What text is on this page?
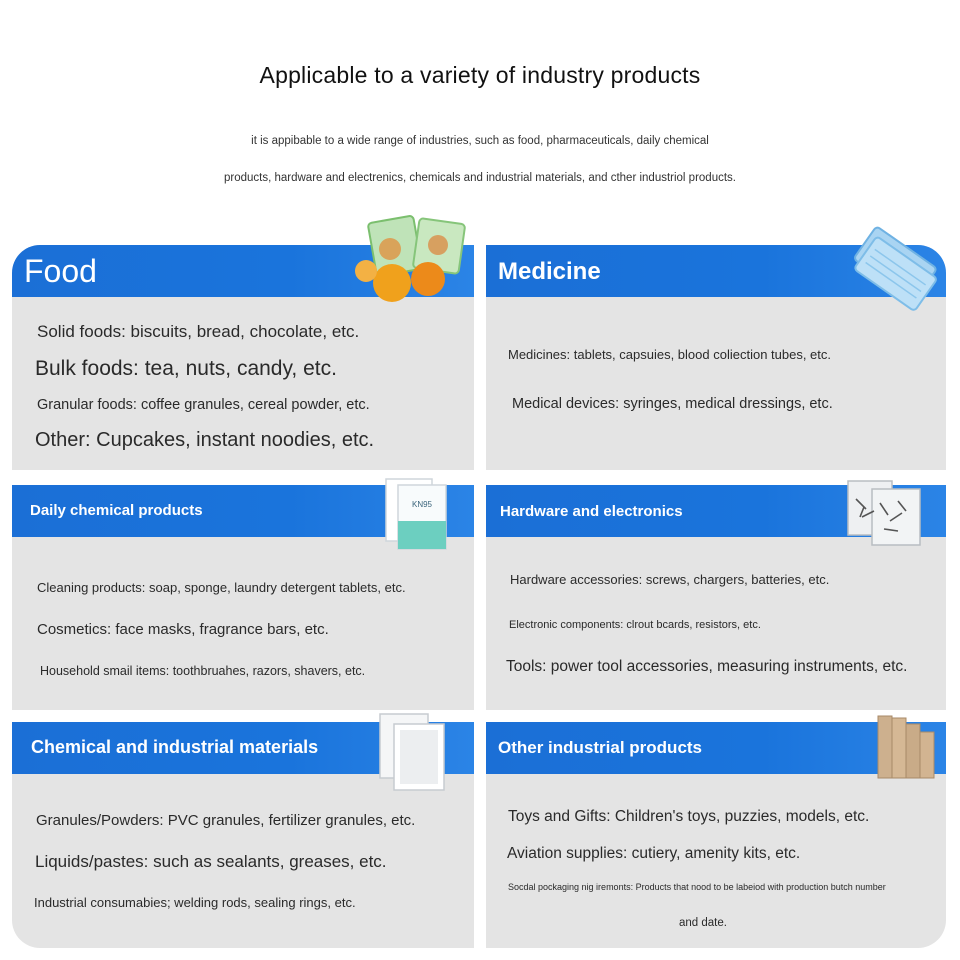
Applicable to a variety of industry products
it is appibable to a wide range of industries, such as food, pharmaceuticals, daily chemical
products, hardware and electrenics, chemicals and industrial materials, and cther industriol products.
Food
Solid foods: biscuits, bread, chocolate, etc.
Bulk foods: tea, nuts, candy, etc.
Granular foods: coffee granules, cereal powder, etc.
Other: Cupcakes, instant noodies, etc.
Medicine
Medicines: tablets, capsuies, blood coliection tubes, etc.
Medical devices: syringes, medical dressings, etc.
Daily chemical products	KN95
Cleaning products: soap, sponge, laundry detergent tablets, etc.
Cosmetics: face masks, fragrance bars, etc.
Household smail items: toothbruahes, razors, shavers, etc.
Hardware and electronics
Hardware accessories: screws, chargers, batteries, etc.
Electronic components: clrout bcards, resistors, etc.
Tools: power tool accessories, measuring instruments, etc.
Chemical and industrial materials
Granules/Powders: PVC granules, fertilizer granules, etc.
Liquids/pastes: such as sealants, greases, etc.
Industrial consumabies; welding rods, sealing rings, etc.
Other industrial products
Toys and Gifts: Children's toys, puzzies, models, etc.
Aviation supplies: cutiery, amenity kits, etc.
Socdal pockaging nig iremonts: Products that nood to be labeiod with production butch number
and date.
